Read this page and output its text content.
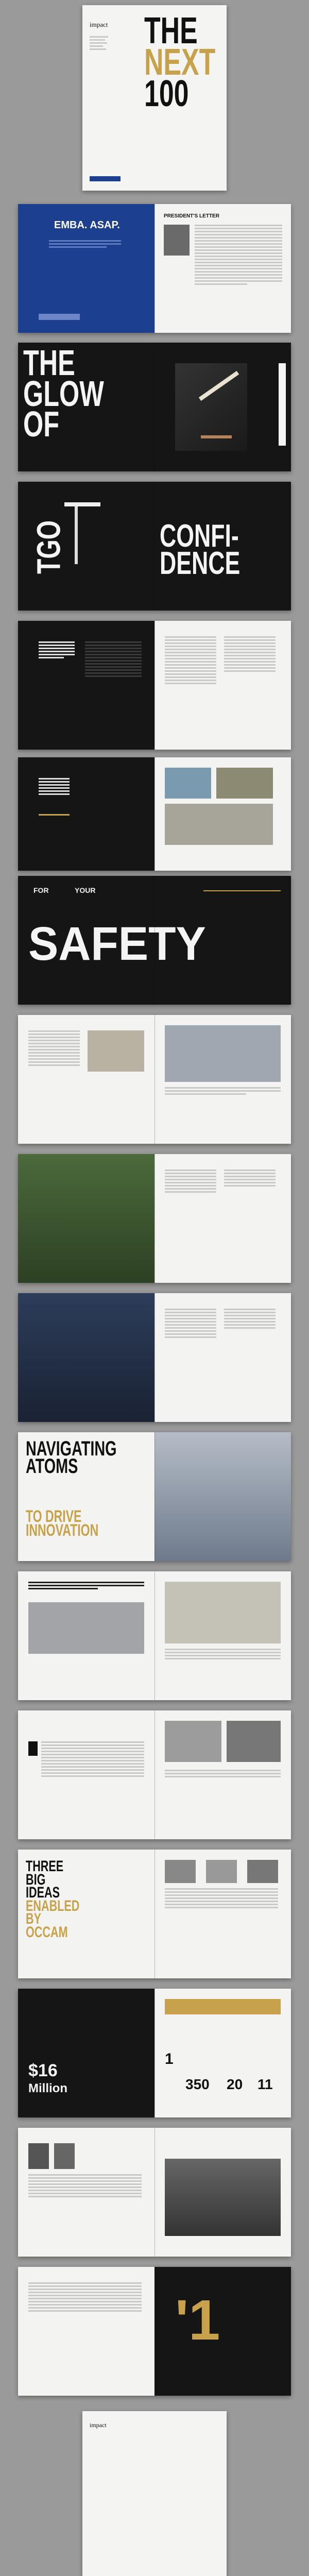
impact THE
NEXT
100
EMBA. ASAP.
PRESIDENT'S LETTER
THE
GLOW
OF
TGO	CONFI-
DENCE
FOR	YOUR
SAFETY
NAVIGATING
ATOMS
TO DRIVE
INNOVATION
THREE
BIG
IDEAS
ENABLED
BY
OCCAM
$16
Million
1
350 20 11
'1
impact
